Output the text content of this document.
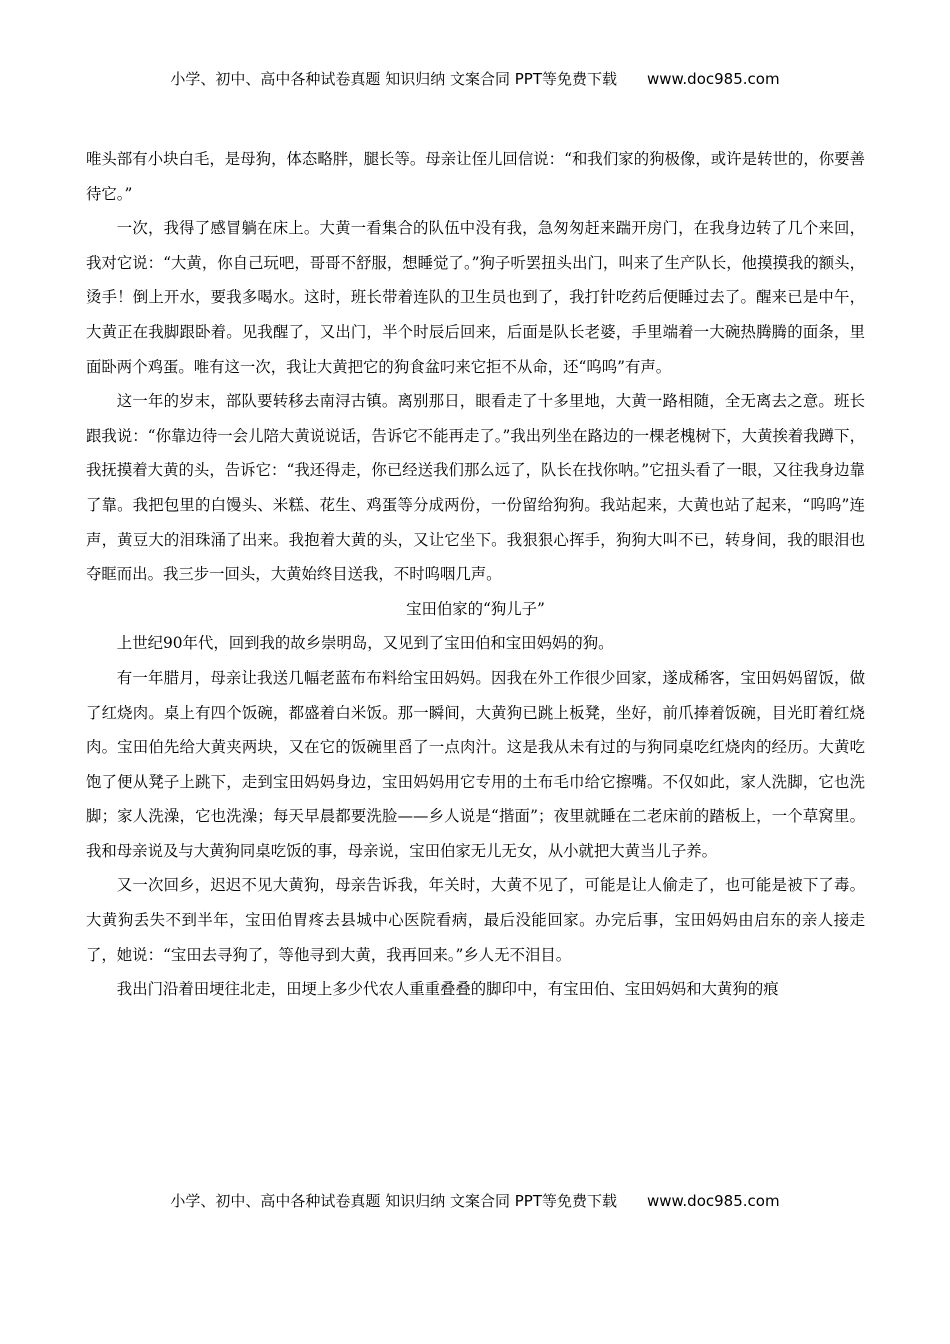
小学、初中、高中各种试卷真题 知识归纳 文案合同 PPT等免费下载 www.doc985.com

唯头部有小块白毛，是母狗，体态略胖，腿长等。母亲让侄儿回信说：“和我们家的狗极像，或许是转世的，你要善待它。”

一次，我得了感冒躺在床上。大黄一看集合的队伍中没有我，急匆匆赶来踹开房门，在我身边转了几个来回，我对它说：“大黄，你自己玩吧，哥哥不舒服，想睡觉了。”狗子听罢扭头出门，叫来了生产队长，他摸摸我的额头，烫手！倒上开水，要我多喝水。这时，班长带着连队的卫生员也到了，我打针吃药后便睡过去了。醒来已是中午，大黄正在我脚跟卧着。见我醒了，又出门，半个时辰后回来，后面是队长老婆，手里端着一大碗热腾腾的面条，里面卧两个鸡蛋。唯有这一次，我让大黄把它的狗食盆叼来它拒不从命，还“呜呜”有声。

这一年的岁末，部队要转移去南浔古镇。离别那日，眼看走了十多里地，大黄一路相随，全无离去之意。班长跟我说：“你靠边待一会儿陪大黄说说话，告诉它不能再走了。”我出列坐在路边的一棵老槐树下，大黄挨着我蹲下，我抚摸着大黄的头，告诉它：“我还得走，你已经送我们那么远了，队长在找你呐。”它扭头看了一眼，又往我身边靠了靠。我把包里的白馒头、米糕、花生、鸡蛋等分成两份，一份留给狗狗。我站起来，大黄也站了起来，“呜呜”连声，黄豆大的泪珠涌了出来。我抱着大黄的头，又让它坐下。我狠狠心挥手，狗狗大叫不已，转身间，我的眼泪也夺眶而出。我三步一回头，大黄始终目送我，不时呜咽几声。

宝田伯家的“狗儿子”

上世纪90年代，回到我的故乡崇明岛，又见到了宝田伯和宝田妈妈的狗。

有一年腊月，母亲让我送几幅老蓝布布料给宝田妈妈。因我在外工作很少回家，遂成稀客，宝田妈妈留饭，做了红烧肉。桌上有四个饭碗，都盛着白米饭。那一瞬间，大黄狗已跳上板凳，坐好，前爪捧着饭碗，目光盯着红烧肉。宝田伯先给大黄夹两块，又在它的饭碗里舀了一点肉汁。这是我从未有过的与狗同桌吃红烧肉的经历。大黄吃饱了便从凳子上跳下，走到宝田妈妈身边，宝田妈妈用它专用的土布毛巾给它擦嘴。不仅如此，家人洗脚，它也洗脚；家人洗澡，它也洗澡；每天早晨都要洗脸——乡人说是“揩面”；夜里就睡在二老床前的踏板上，一个草窝里。我和母亲说及与大黄狗同桌吃饭的事，母亲说，宝田伯家无儿无女，从小就把大黄当儿子养。

又一次回乡，迟迟不见大黄狗，母亲告诉我，年关时，大黄不见了，可能是让人偷走了，也可能是被下了毒。大黄狗丢失不到半年，宝田伯胃疼去县城中心医院看病，最后没能回家。办完后事，宝田妈妈由启东的亲人接走了，她说：“宝田去寻狗了，等他寻到大黄，我再回来。”乡人无不泪目。

我出门沿着田埂往北走，田埂上多少代农人重重叠叠的脚印中，有宝田伯、宝田妈妈和大黄狗的痕

小学、初中、高中各种试卷真题 知识归纳 文案合同 PPT等免费下载 www.doc985.com
